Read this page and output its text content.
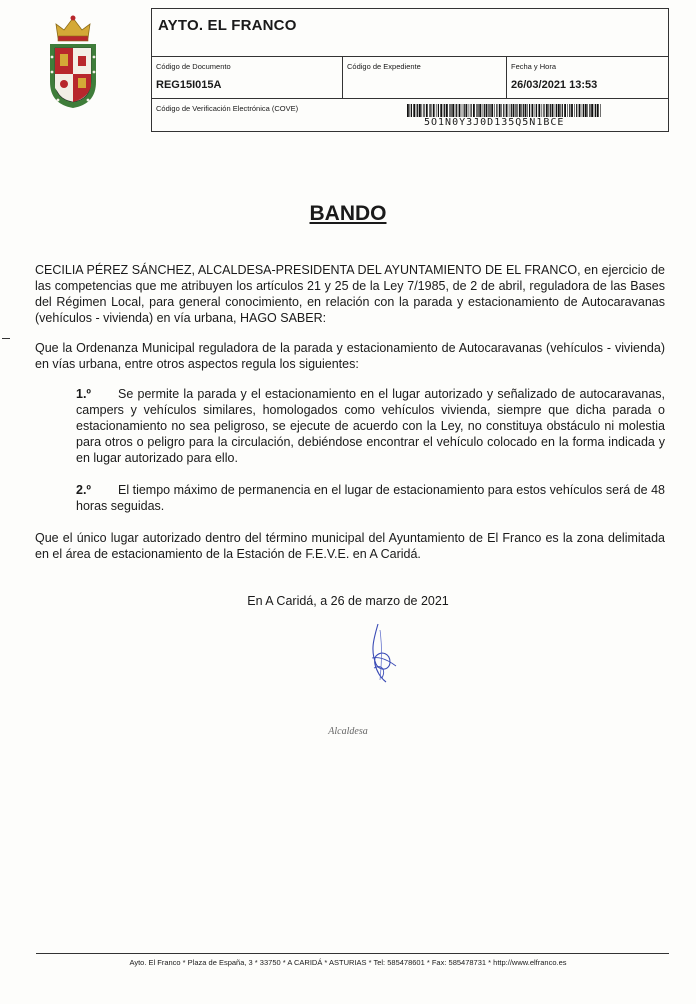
AYTO. EL FRANCO
Código de Documento
REG15I015A
Código de Expediente	Fecha y Hora
26/03/2021 13:53
Código de Verificación Electrónica (COVE)
5O1N0Y3J0D135Q5N1BCE
BANDO

CECILIA PÉREZ SÁNCHEZ, ALCALDESA-PRESIDENTA DEL AYUNTAMIENTO DE EL FRANCO, en ejercicio de las competencias que me atribuyen los artículos 21 y 25 de la Ley 7/1985, de 2 de abril, reguladora de las Bases del Régimen Local, para general conocimiento, en relación con la parada y estacionamiento de Autocaravanas (vehículos - vivienda) en vía urbana, HAGO SABER:

Que la Ordenanza Municipal reguladora de la parada y estacionamiento de Autocaravanas (vehículos - vivienda) en vías urbana, entre otros aspectos regula los siguientes:

1.º Se permite la parada y el estacionamiento en el lugar autorizado y señalizado de autocaravanas, campers y vehículos similares, homologados como vehículos vivienda, siempre que dicha parada o estacionamiento no sea peligroso, se ejecute de acuerdo con la Ley, no constituya obstáculo ni molestia para otros o peligro para la circulación, debiéndose encontrar el vehículo colocado en la forma indicada y en lugar autorizado para ello.

2.º El tiempo máximo de permanencia en el lugar de estacionamiento para estos vehículos será de 48 horas seguidas.

Que el único lugar autorizado dentro del término municipal del Ayuntamiento de El Franco es la zona delimitada en el área de estacionamiento de la Estación de F.E.V.E. en A Caridá.

En A Caridá, a 26 de marzo de 2021
Alcaldesa
Ayto. El Franco * Plaza de España, 3 * 33750 * A CARIDÁ * ASTURIAS * Tel: 585478601 * Fax: 585478731 * http://www.elfranco.es
